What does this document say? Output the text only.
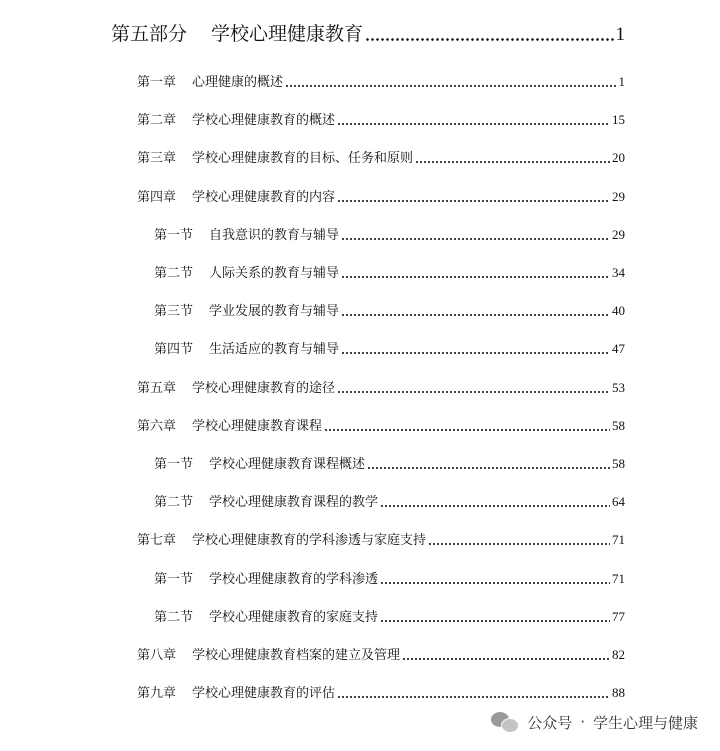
第五部分 学校心理健康教育	1
第一章 心理健康的概述	1
第二章 学校心理健康教育的概述	15
第三章 学校心理健康教育的目标、任务和原则	20
第四章 学校心理健康教育的内容	29
第一节 自我意识的教育与辅导	29
第二节 人际关系的教育与辅导	34
第三节 学业发展的教育与辅导	40
第四节 生活适应的教育与辅导	47
第五章 学校心理健康教育的途径	53
第六章 学校心理健康教育课程	58
第一节 学校心理健康教育课程概述	58
第二节 学校心理健康教育课程的教学	64
第七章 学校心理健康教育的学科渗透与家庭支持	71
第一节 学校心理健康教育的学科渗透	71
第二节 学校心理健康教育的家庭支持	77
第八章 学校心理健康教育档案的建立及管理	82
第九章 学校心理健康教育的评估	88
公众号 · 学生心理与健康
